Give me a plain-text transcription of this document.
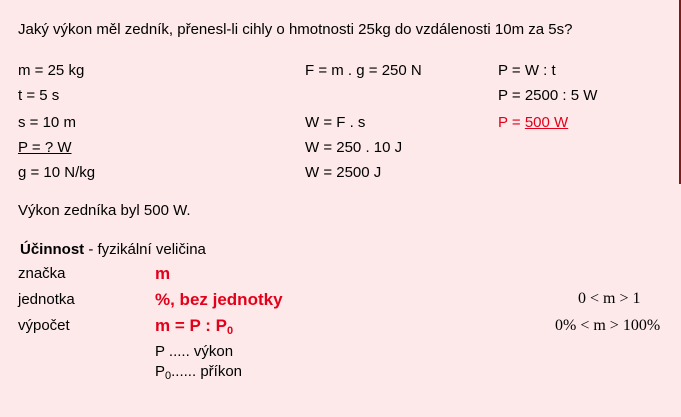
Jaký výkon měl zedník, přenesl-li cihly o hmotnosti 25kg do vzdálenosti 10m za 5s?
m = 25 kg
t = 5 s
s = 10 m
P = ? W
g = 10 N/kg
F = m . g = 250 N
W = F . s
W = 250 . 10 J
W = 2500 J
P = W : t
P = 2500 : 5 W
P = 500 W
Výkon zedníka byl 500 W.
Účinnost - fyzikální veličina
značka	m
jednotka	%, bez jednotky	0 < m > 1
výpočet	m = P : $P_0$	0% < m > 100%
P ..... výkon
$P_0$...... příkon
